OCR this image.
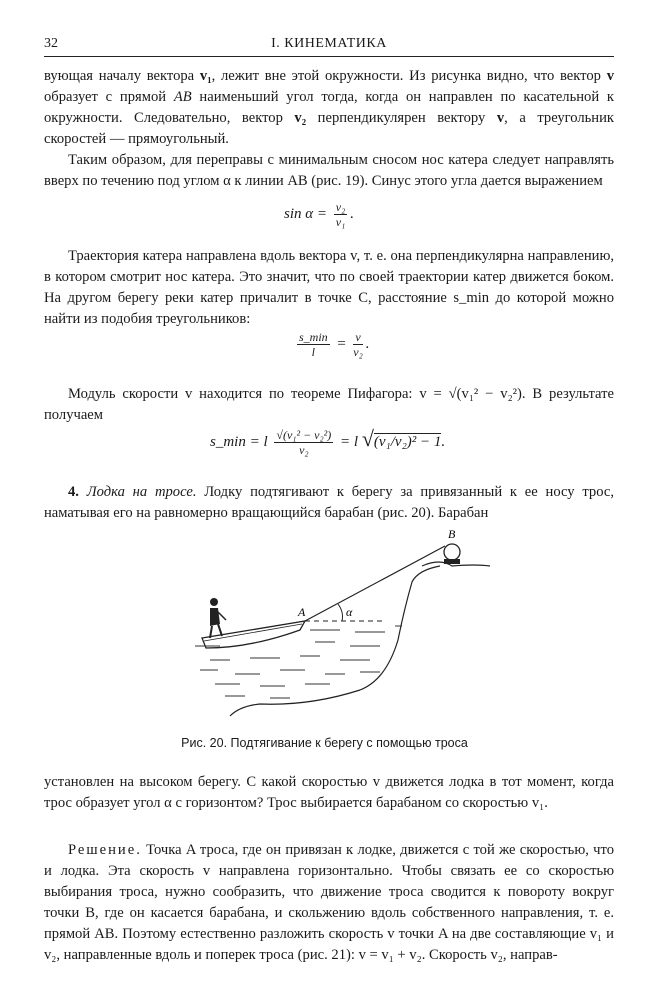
32	I. КИНЕМАТИКА

вующая началу вектора v₁, лежит вне этой окружности. Из рисунка видно, что вектор v образует с прямой AB наименьший угол тогда, когда он направлен по касательной к окружности. Следовательно, вектор v₂ перпендикулярен вектору v, а треугольник скоростей — прямоугольный.

Таким образом, для переправы с минимальным сносом нос катера следует направлять вверх по течению под углом α к линии AB (рис. 19). Синус этого угла дается выражением

$\sin \alpha = \frac{\text{v₂}}{\text{v₁}}$ .

Траектория катера направлена вдоль вектора v, т. е. она перпендикулярна направлению, в котором смотрит нос катера. Это значит, что по своей траектории катер движется боком. На другом берегу реки катер причалит в точке C, расстояние s_min до которой можно найти из подобия треугольников:

$\frac{s\_\min}{l} = \frac{v}{\text{v₂}}$ .

Модуль скорости v находится по теореме Пифагора: v = √(v₁² − v₂²). В результате получаем

s_min = l $\frac{\text{√(v₁² − v₂²)}}{\text{v₂}} = l$ √(v₁/v₂)² − 1.

4. Лодка на тросе. Лодку подтягивают к берегу за привязанный к ее носу трос, наматывая его на равномерно вращающийся барабан (рис. 20). Барабан

B
α
A
Рис. 20. Подтягивание к берегу с помощью троса

установлен на высоком берегу. С какой скоростью v движется лодка в тот момент, когда трос образует угол α с горизонтом? Трос выбирается барабаном со скоростью v₁.

Решение. Точка A троса, где он привязан к лодке, движется с той же скоростью, что и лодка. Эта скорость v направлена горизонтально. Чтобы связать ее со скоростью выбирания троса, нужно сообразить, что движение троса сводится к повороту вокруг точки B, где он касается барабана, и скольжению вдоль собственного направления, т. е. прямой AB. Поэтому естественно разложить скорость v точки A на две составляющие v₁ и v₂, направленные вдоль и поперек троса (рис. 21): v = v₁ + v₂. Скорость v₂, направ-
